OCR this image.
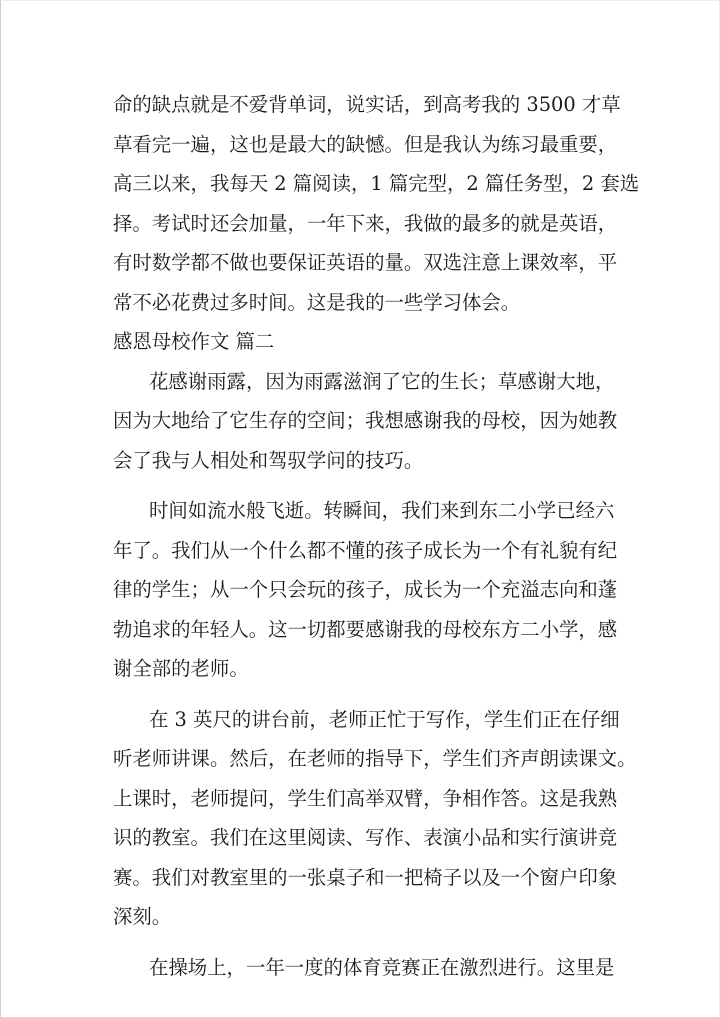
命的缺点就是不爱背单词，说实话，到高考我的 3500 才草
草看完一遍，这也是最大的缺憾。但是我认为练习最重要，
高三以来，我每天 2 篇阅读，1 篇完型，2 篇任务型，2 套选
择。考试时还会加量，一年下来，我做的最多的就是英语，
有时数学都不做也要保证英语的量。双选注意上课效率，平
常不必花费过多时间。这是我的一些学习体会。
感恩母校作文 篇二
花感谢雨露，因为雨露滋润了它的生长；草感谢大地，
因为大地给了它生存的空间；我想感谢我的母校，因为她教
会了我与人相处和驾驭学问的技巧。
时间如流水般飞逝。转瞬间，我们来到东二小学已经六
年了。我们从一个什么都不懂的孩子成长为一个有礼貌有纪
律的学生；从一个只会玩的孩子，成长为一个充溢志向和蓬
勃追求的年轻人。这一切都要感谢我的母校东方二小学，感
谢全部的老师。
在 3 英尺的讲台前，老师正忙于写作，学生们正在仔细
听老师讲课。然后，在老师的指导下，学生们齐声朗读课文。
上课时，老师提问，学生们高举双臂，争相作答。这是我熟
识的教室。我们在这里阅读、写作、表演小品和实行演讲竞
赛。我们对教室里的一张桌子和一把椅子以及一个窗户印象
深刻。
在操场上，一年一度的体育竞赛正在激烈进行。这里是
